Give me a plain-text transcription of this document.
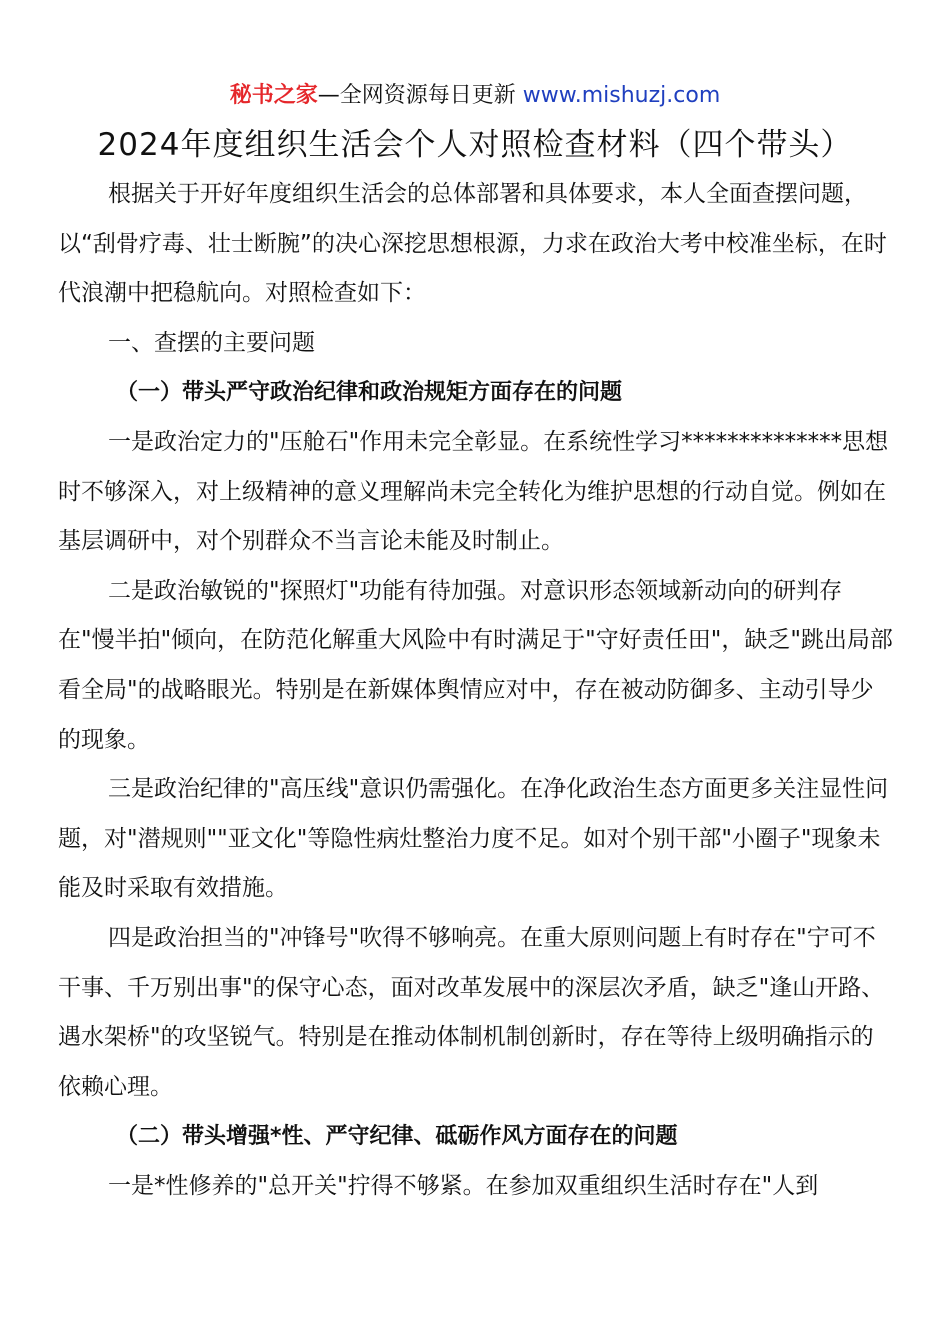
秘书之家—全网资源每日更新 www.mishuzj.com
2024年度组织生活会个人对照检查材料（四个带头）

根据关于开好年度组织生活会的总体部署和具体要求，本人全面查摆问题，以“刮骨疗毒、壮士断腕”的决心深挖思想根源，力求在政治大考中校准坐标，在时代浪潮中把稳航向。对照检查如下：

一、查摆的主要问题

（一）带头严守政治纪律和政治规矩方面存在的问题

一是政治定力的"压舱石"作用未完全彰显。在系统性学习**************思想时不够深入，对上级精神的意义理解尚未完全转化为维护思想的行动自觉。例如在基层调研中，对个别群众不当言论未能及时制止。

二是政治敏锐的"探照灯"功能有待加强。对意识形态领域新动向的研判存在"慢半拍"倾向，在防范化解重大风险中有时满足于"守好责任田"，缺乏"跳出局部看全局"的战略眼光。特别是在新媒体舆情应对中，存在被动防御多、主动引导少的现象。

三是政治纪律的"高压线"意识仍需强化。在净化政治生态方面更多关注显性问题，对"潜规则""亚文化"等隐性病灶整治力度不足。如对个别干部"小圈子"现象未能及时采取有效措施。

四是政治担当的"冲锋号"吹得不够响亮。在重大原则问题上有时存在"宁可不干事、千万别出事"的保守心态，面对改革发展中的深层次矛盾，缺乏"逢山开路、遇水架桥"的攻坚锐气。特别是在推动体制机制创新时，存在等待上级明确指示的依赖心理。

（二）带头增强*性、严守纪律、砥砺作风方面存在的问题

一是*性修养的"总开关"拧得不够紧。在参加双重组织生活时存在"人到
